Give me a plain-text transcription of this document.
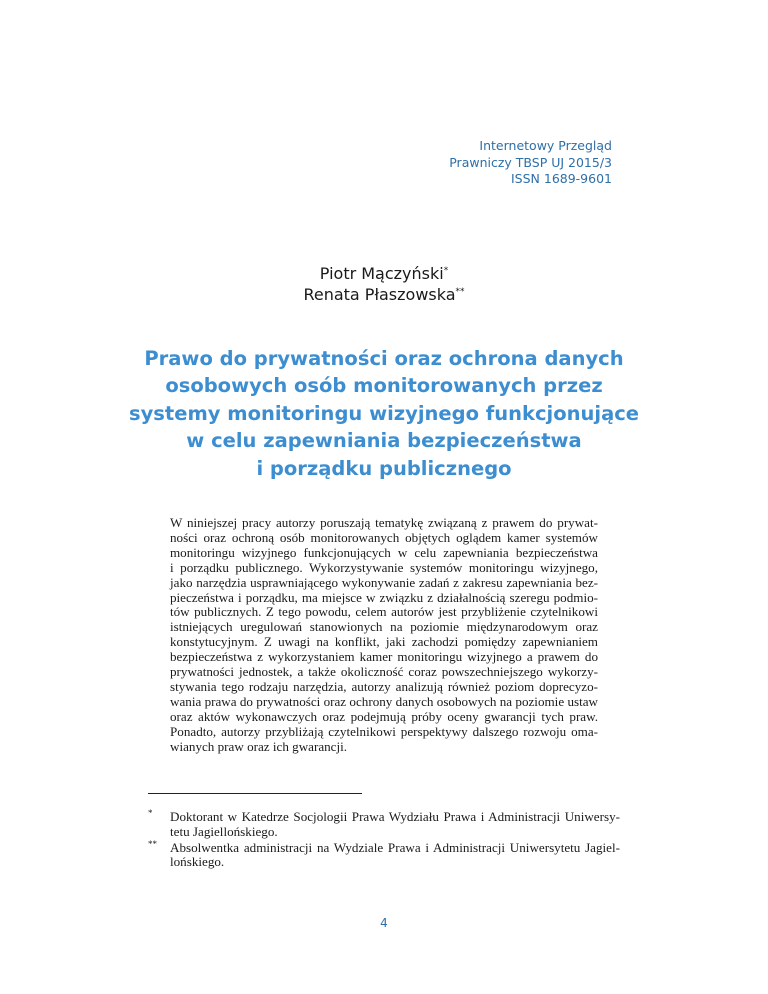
Internetowy Przegląd
Prawniczy TBSP UJ 2015/3
ISSN 1689-9601
Piotr Mączyński*
Renata Płaszowska**
Prawo do prywatności oraz ochrona danych
osobowych osób monitorowanych przez
systemy monitoringu wizyjnego funkcjonujące
w celu zapewniania bezpieczeństwa
i porządku publicznego
W niniejszej pracy autorzy poruszają tematykę związaną z prawem do prywat-
ności oraz ochroną osób monitorowanych objętych oglądem kamer systemów
monitoringu wizyjnego funkcjonujących w celu zapewniania bezpieczeństwa
i porządku publicznego. Wykorzystywanie systemów monitoringu wizyjnego,
jako narzędzia usprawniającego wykonywanie zadań z zakresu zapewniania bez-
pieczeństwa i porządku, ma miejsce w związku z działalnością szeregu podmio-
tów publicznych. Z tego powodu, celem autorów jest przybliżenie czytelnikowi
istniejących uregulowań stanowionych na poziomie międzynarodowym oraz
konstytucyjnym. Z uwagi na konflikt, jaki zachodzi pomiędzy zapewnianiem
bezpieczeństwa z wykorzystaniem kamer monitoringu wizyjnego a prawem do
prywatności jednostek, a także okoliczność coraz powszechniejszego wykorzy-
stywania tego rodzaju narzędzia, autorzy analizują również poziom doprecyzo-
wania prawa do prywatności oraz ochrony danych osobowych na poziomie ustaw
oraz aktów wykonawczych oraz podejmują próby oceny gwarancji tych praw.
Ponadto, autorzy przybliżają czytelnikowi perspektywy dalszego rozwoju oma-
wianych praw oraz ich gwarancji.
* Doktorant w Katedrze Socjologii Prawa Wydziału Prawa i Administracji Uniwersy-
tetu Jagiellońskiego.
** Absolwentka administracji na Wydziale Prawa i Administracji Uniwersytetu Jagiel-
lońskiego.
4
